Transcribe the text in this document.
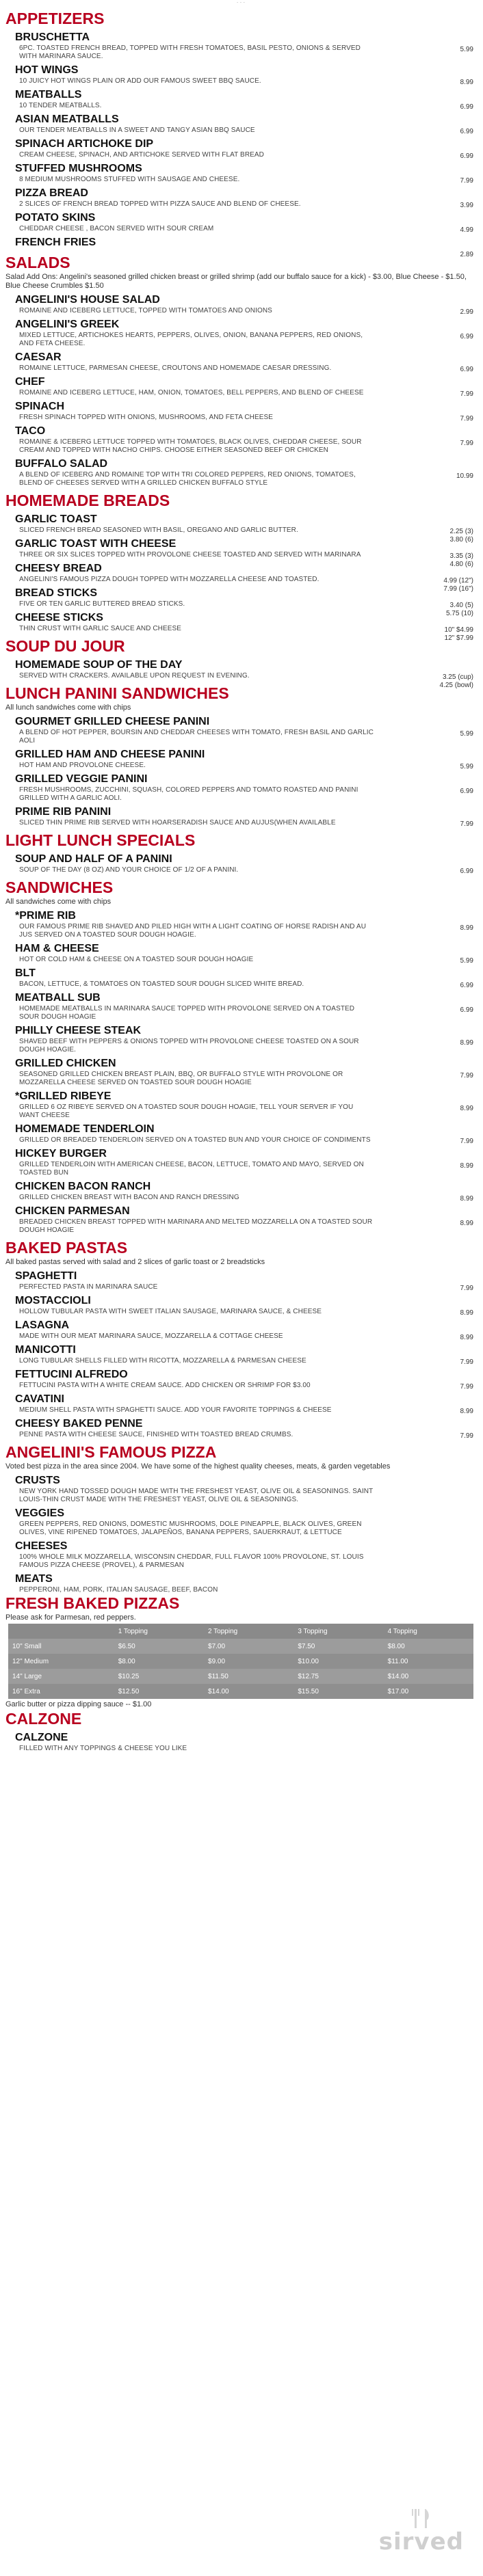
· · ·
APPETIZERS
BRUSCHETTA
5.99
6PC. TOASTED FRENCH BREAD, TOPPED WITH FRESH TOMATOES, BASIL PESTO, ONIONS & SERVED WITH MARINARA SAUCE.
HOT WINGS
8.99
10 JUICY HOT WINGS PLAIN OR ADD OUR FAMOUS SWEET BBQ SAUCE.
MEATBALLS
6.99
10 TENDER MEATBALLS.
ASIAN MEATBALLS
6.99
OUR TENDER MEATBALLS IN A SWEET AND TANGY ASIAN BBQ SAUCE
SPINACH ARTICHOKE DIP
6.99
CREAM CHEESE, SPINACH, AND ARTICHOKE SERVED WITH FLAT BREAD
STUFFED MUSHROOMS
7.99
8 MEDIUM MUSHROOMS STUFFED WITH SAUSAGE AND CHEESE.
PIZZA BREAD
3.99
2 SLICES OF FRENCH BREAD TOPPED WITH PIZZA SAUCE AND BLEND OF CHEESE.
POTATO SKINS
4.99
CHEDDAR CHEESE , BACON SERVED WITH SOUR CREAM
FRENCH FRIES
2.89
SALADS
Salad Add Ons: Angelini's seasoned grilled chicken breast or grilled shrimp (add our buffalo sauce for a kick) - $3.00, Blue Cheese - $1.50, Blue Cheese Crumbles $1.50
ANGELINI'S HOUSE SALAD
2.99
ROMAINE AND ICEBERG LETTUCE, TOPPED WITH TOMATOES AND ONIONS
ANGELINI'S GREEK
6.99
MIXED LETTUCE, ARTICHOKES HEARTS, PEPPERS, OLIVES, ONION, BANANA PEPPERS, RED ONIONS, AND FETA CHEESE.
CAESAR
6.99
ROMAINE LETTUCE, PARMESAN CHEESE, CROUTONS AND HOMEMADE CAESAR DRESSING.
CHEF
7.99
ROMAINE AND ICEBERG LETTUCE, HAM, ONION, TOMATOES, BELL PEPPERS, AND BLEND OF CHEESE
SPINACH
7.99
FRESH SPINACH TOPPED WITH ONIONS, MUSHROOMS, AND FETA CHEESE
TACO
7.99
ROMAINE & ICEBERG LETTUCE TOPPED WITH TOMATOES, BLACK OLIVES, CHEDDAR CHEESE, SOUR CREAM AND TOPPED WITH NACHO CHIPS. CHOOSE EITHER SEASONED BEEF OR CHICKEN
BUFFALO SALAD
10.99
A BLEND OF ICEBERG AND ROMAINE TOP WITH TRI COLORED PEPPERS, RED ONIONS, TOMATOES, BLEND OF CHEESES SERVED WITH A GRILLED CHICKEN BUFFALO STYLE
HOMEMADE BREADS
GARLIC TOAST
2.25 (3)
3.80 (6)
SLICED FRENCH BREAD SEASONED WITH BASIL, OREGANO AND GARLIC BUTTER.
GARLIC TOAST WITH CHEESE
3.35 (3)
4.80 (6)
THREE OR SIX SLICES TOPPED WITH PROVOLONE CHEESE TOASTED AND SERVED WITH MARINARA
CHEESY BREAD
4.99 (12")
7.99 (16")
ANGELINI'S FAMOUS PIZZA DOUGH TOPPED WITH MOZZARELLA CHEESE AND TOASTED.
BREAD STICKS
3.40 (5)
5.75 (10)
FIVE OR TEN GARLIC BUTTERED BREAD STICKS.
CHEESE STICKS
10" $4.99
12" $7.99
THIN CRUST WITH GARLIC SAUCE AND CHEESE
SOUP DU JOUR
HOMEMADE SOUP OF THE DAY
3.25 (cup)
4.25 (bowl)
SERVED WITH CRACKERS. AVAILABLE UPON REQUEST IN EVENING.
LUNCH PANINI SANDWICHES
All lunch sandwiches come with chips
GOURMET GRILLED CHEESE PANINI
5.99
A BLEND OF HOT PEPPER, BOURSIN AND CHEDDAR CHEESES WITH TOMATO, FRESH BASIL AND GARLIC AOLI
GRILLED HAM AND CHEESE PANINI
5.99
HOT HAM AND PROVOLONE CHEESE.
GRILLED VEGGIE PANINI
6.99
FRESH MUSHROOMS, ZUCCHINI, SQUASH, COLORED PEPPERS AND TOMATO ROASTED AND PANINI GRILLED WITH A GARLIC AOLI.
PRIME RIB PANINI
7.99
SLICED THIN PRIME RIB SERVED WITH HOARSERADISH SAUCE AND AUJUS(WHEN AVAILABLE
LIGHT LUNCH SPECIALS
SOUP AND HALF OF A PANINI
6.99
SOUP OF THE DAY (8 OZ) AND YOUR CHOICE OF 1/2 OF A PANINI.
SANDWICHES
All sandwiches come with chips
*PRIME RIB
8.99
OUR FAMOUS PRIME RIB SHAVED AND PILED HIGH WITH A LIGHT COATING OF HORSE RADISH AND AU JUS SERVED ON A TOASTED SOUR DOUGH HOAGIE.
HAM & CHEESE
5.99
HOT OR COLD HAM & CHEESE ON A TOASTED SOUR DOUGH HOAGIE
BLT
6.99
BACON, LETTUCE, & TOMATOES ON TOASTED SOUR DOUGH SLICED WHITE BREAD.
MEATBALL SUB
6.99
HOMEMADE MEATBALLS IN MARINARA SAUCE TOPPED WITH PROVOLONE SERVED ON A TOASTED SOUR DOUGH HOAGIE
PHILLY CHEESE STEAK
8.99
SHAVED BEEF WITH PEPPERS & ONIONS TOPPED WITH PROVOLONE CHEESE TOASTED ON A SOUR DOUGH HOAGIE.
GRILLED CHICKEN
7.99
SEASONED GRILLED CHICKEN BREAST PLAIN, BBQ, OR BUFFALO STYLE WITH PROVOLONE OR MOZZARELLA CHEESE SERVED ON TOASTED SOUR DOUGH HOAGIE
*GRILLED RIBEYE
8.99
GRILLED 6 OZ RIBEYE SERVED ON A TOASTED SOUR DOUGH HOAGIE, TELL YOUR SERVER IF YOU WANT CHEESE
HOMEMADE TENDERLOIN
7.99
GRILLED OR BREADED TENDERLOIN SERVED ON A TOASTED BUN AND YOUR CHOICE OF CONDIMENTS
HICKEY BURGER
8.99
GRILLED TENDERLOIN WITH AMERICAN CHEESE, BACON, LETTUCE, TOMATO AND MAYO, SERVED ON TOASTED BUN
CHICKEN BACON RANCH
8.99
GRILLED CHICKEN BREAST WITH BACON AND RANCH DRESSING
CHICKEN PARMESAN
8.99
BREADED CHICKEN BREAST TOPPED WITH MARINARA AND MELTED MOZZARELLA ON A TOASTED SOUR DOUGH HOAGIE
BAKED PASTAS
All baked pastas served with salad and 2 slices of garlic toast or 2 breadsticks
SPAGHETTI
7.99
PERFECTED PASTA IN MARINARA SAUCE
MOSTACCIOLI
8.99
HOLLOW TUBULAR PASTA WITH SWEET ITALIAN SAUSAGE, MARINARA SAUCE, & CHEESE
LASAGNA
8.99
MADE WITH OUR MEAT MARINARA SAUCE, MOZZARELLA & COTTAGE CHEESE
MANICOTTI
7.99
LONG TUBULAR SHELLS FILLED WITH RICOTTA, MOZZARELLA & PARMESAN CHEESE
FETTUCINI ALFREDO
7.99
FETTUCINI PASTA WITH A WHITE CREAM SAUCE. ADD CHICKEN OR SHRIMP FOR $3.00
CAVATINI
8.99
MEDIUM SHELL PASTA WITH SPAGHETTI SAUCE. ADD YOUR FAVORITE TOPPINGS & CHEESE
CHEESY BAKED PENNE
7.99
PENNE PASTA WITH CHEESE SAUCE, FINISHED WITH TOASTED BREAD CRUMBS.
ANGELINI'S FAMOUS PIZZA
Voted best pizza in the area since 2004. We have some of the highest quality cheeses, meats, & garden vegetables
CRUSTS
NEW YORK HAND TOSSED DOUGH MADE WITH THE FRESHEST YEAST, OLIVE OIL & SEASONINGS. SAINT LOUIS-THIN CRUST MADE WITH THE FRESHEST YEAST, OLIVE OIL & SEASONINGS.
VEGGIES
GREEN PEPPERS, RED ONIONS, DOMESTIC MUSHROOMS, DOLE PINEAPPLE, BLACK OLIVES, GREEN OLIVES, VINE RIPENED TOMATOES, JALAPEÑOS, BANANA PEPPERS, SAUERKRAUT, & LETTUCE
CHEESES
100% WHOLE MILK MOZZARELLA, WISCONSIN CHEDDAR, FULL FLAVOR 100% PROVOLONE, ST. LOUIS FAMOUS PIZZA CHEESE (PROVEL), & PARMESAN
MEATS
PEPPERONI, HAM, PORK, ITALIAN SAUSAGE, BEEF, BACON
FRESH BAKED PIZZAS
Please ask for Parmesan, red peppers.
	1 Topping	2 Topping	3 Topping	4 Topping
10" Small	$6.50	$7.00	$7.50	$8.00
12" Medium	$8.00	$9.00	$10.00	$11.00
14" Large	$10.25	$11.50	$12.75	$14.00
16" Extra	$12.50	$14.00	$15.50	$17.00
Garlic butter or pizza dipping sauce -- $1.00
CALZONE
CALZONE
FILLED WITH ANY TOPPINGS & CHEESE YOU LIKE
sirved
